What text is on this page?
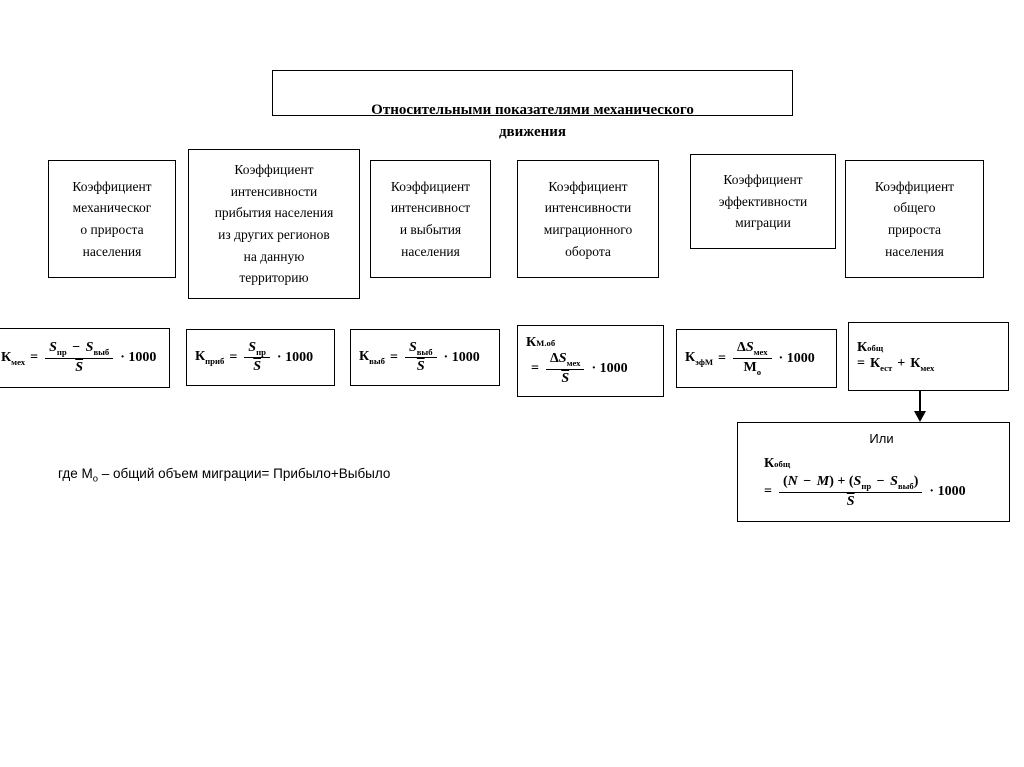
Относительными показателями механического
движения

Коэффициент
механическог
о прироста
населения
Коэффициент
интенсивности
прибытия населения
из других регионов
на данную
территорию
Коэффициент
интенсивност
и выбытия
населения
Коэффициент
интенсивности
миграционного
оборота
Коэффициент
эффективности
миграции
Коэффициент
общего
прироста
населения
$К_{мех} = \frac{S_{пр} - S_{выб}}{S} \cdot 1000$	$К_{приб} = \frac{S_{пр}}{S} \cdot 1000$	$К_{выб} = \frac{S_{выб}}{S} \cdot 1000$
К М.об
= $\frac{\Delta S_{мех}}{S} \cdot 1000$
$К_{эфМ} = \frac{\Delta S_{мех}}{М_о} \cdot 1000$
К общ
= $К_{ест} + К_{мех}$
Или
К общ
= $\frac{(N - M) + (S_{пр} - S_{выб})}{S} \cdot 1000$
где $М_о$ – общий объем миграции= Прибыло+Выбыло
